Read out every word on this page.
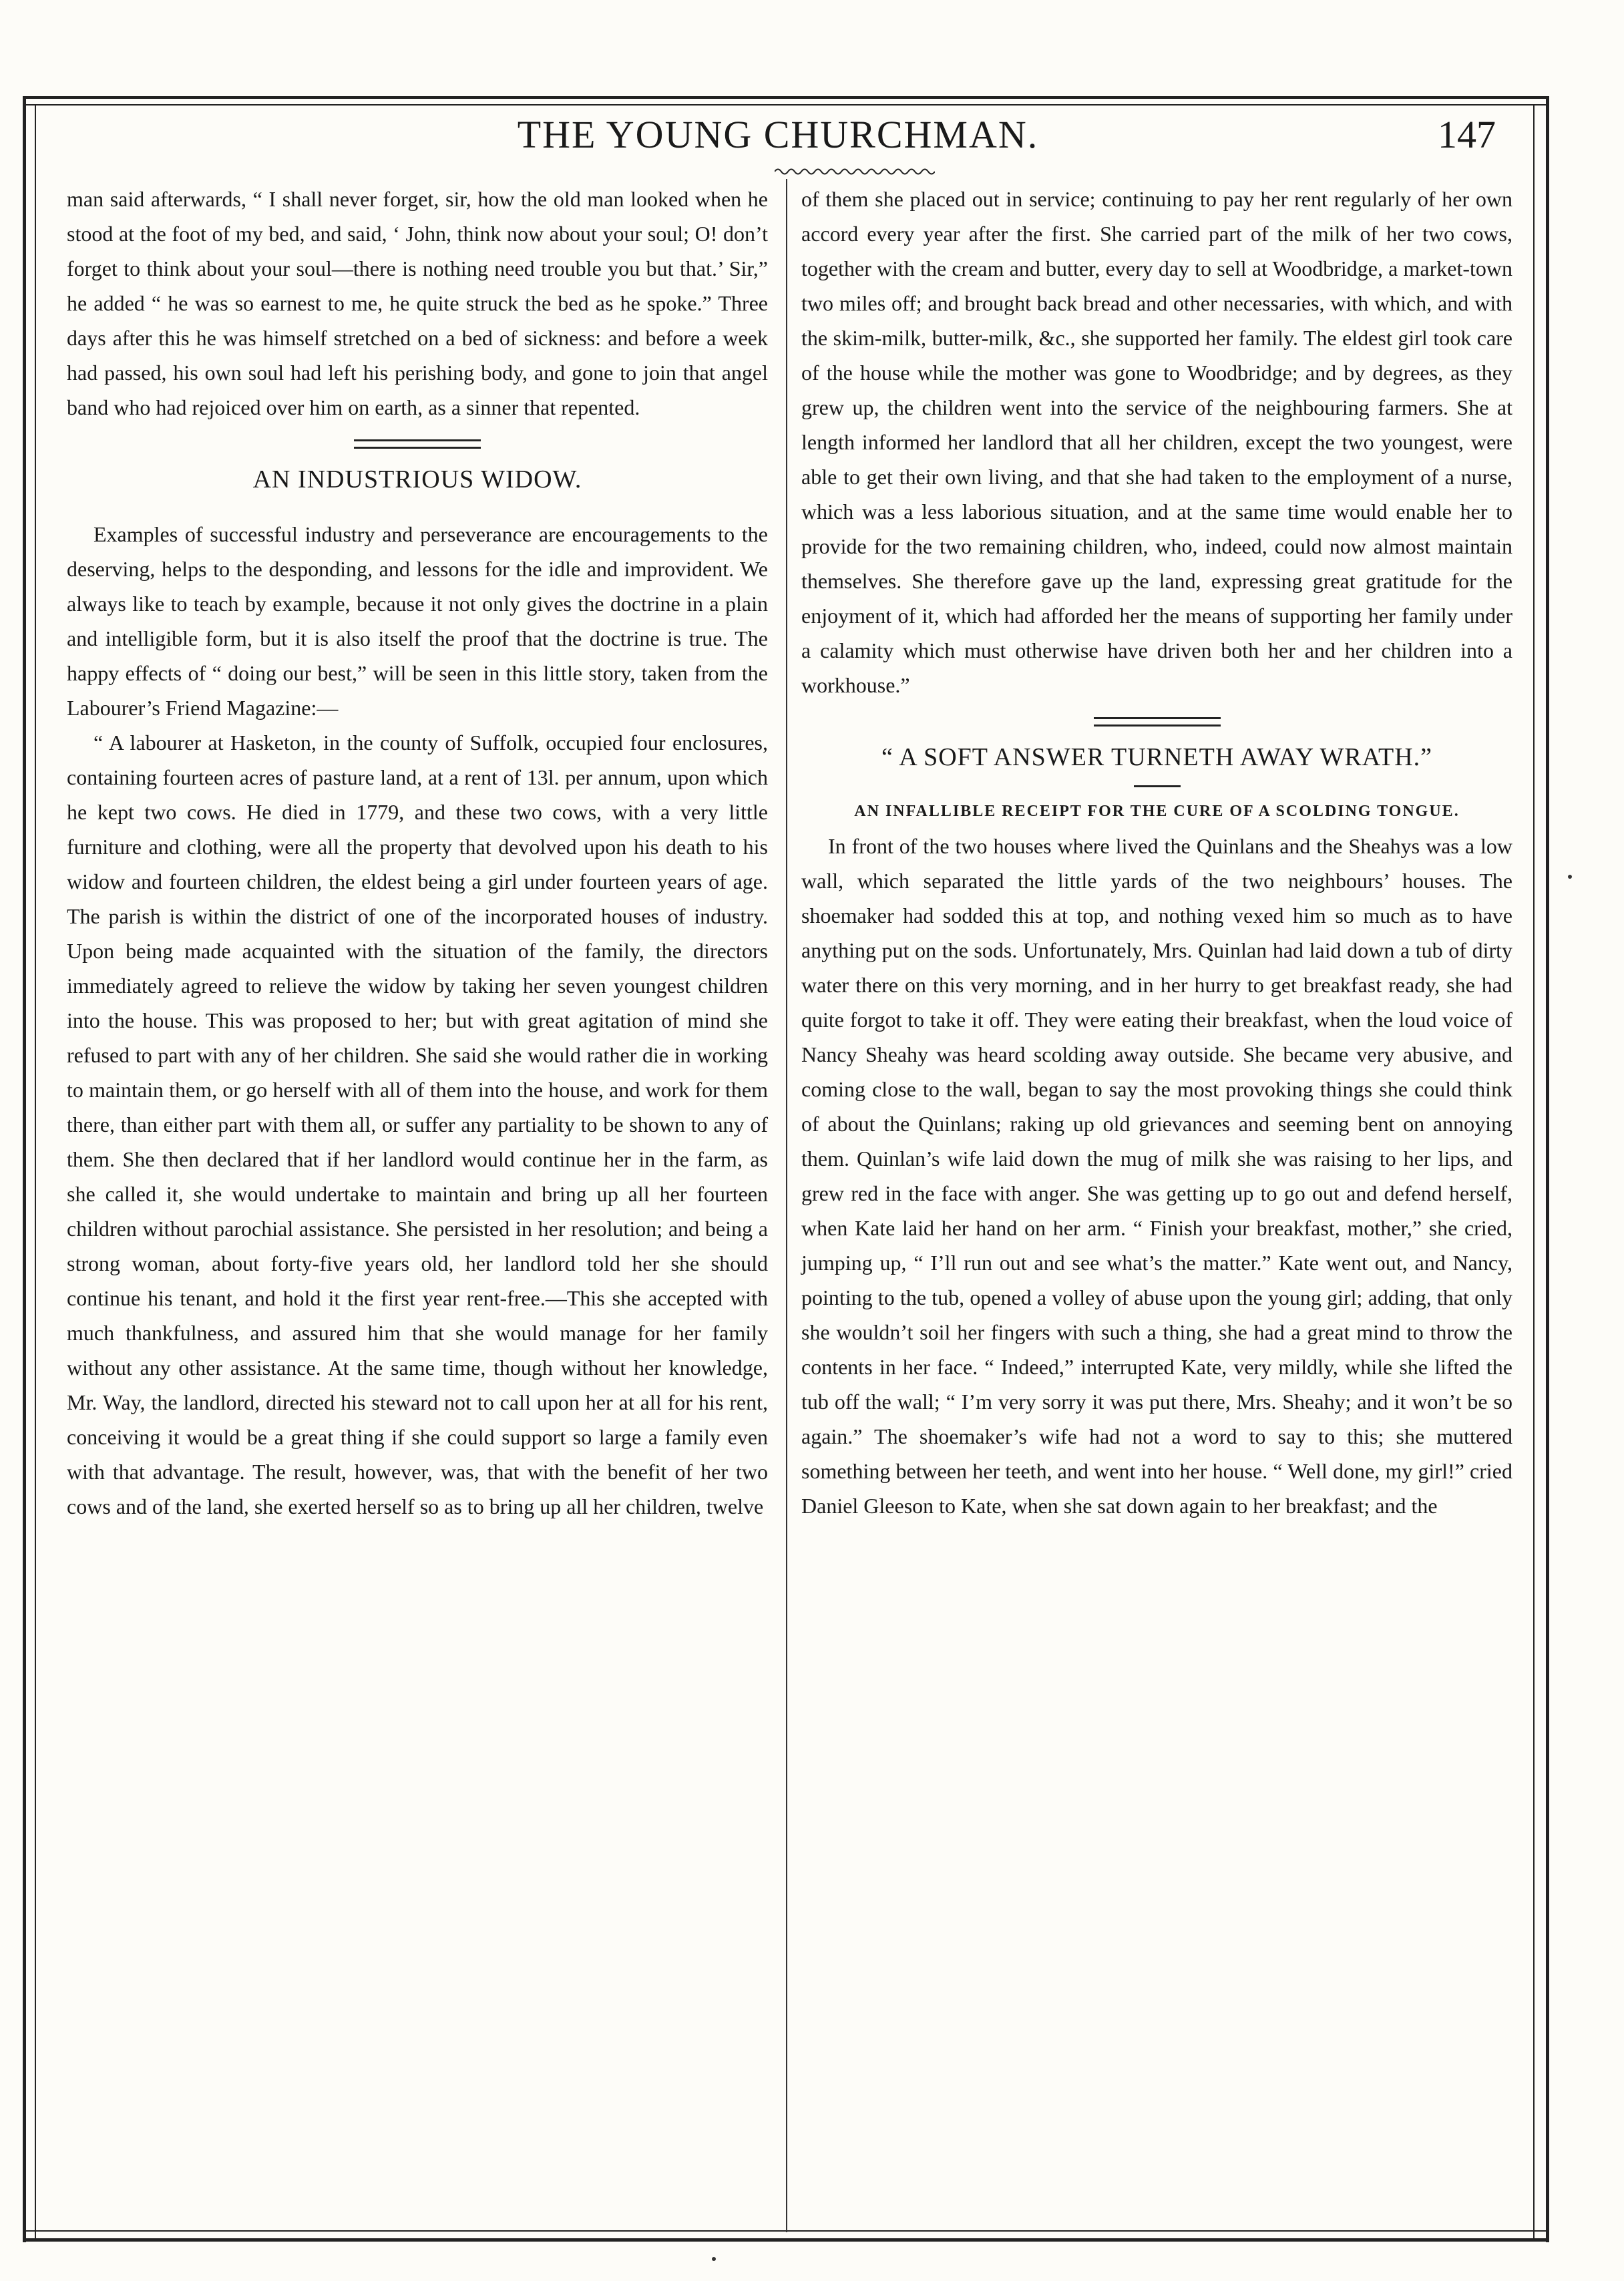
THE YOUNG CHURCHMAN.	147

man said afterwards, “ I shall never forget, sir, how the old man looked when he stood at the foot of my bed, and said, ‘ John, think now about your soul; O! don’t forget to think about your soul—there is nothing need trouble you but that.’ Sir,” he added “ he was so earnest to me, he quite struck the bed as he spoke.” Three days after this he was himself stretched on a bed of sickness: and before a week had passed, his own soul had left his perishing body, and gone to join that angel band who had rejoiced over him on earth, as a sinner that repented.

AN INDUSTRIOUS WIDOW.

Examples of successful industry and perseverance are encouragements to the deserving, helps to the desponding, and lessons for the idle and improvident. We always like to teach by example, because it not only gives the doctrine in a plain and intelligible form, but it is also itself the proof that the doctrine is true. The happy effects of “ doing our best,” will be seen in this little story, taken from the Labourer’s Friend Magazine:—

“ A labourer at Hasketon, in the county of Suffolk, occupied four enclosures, containing fourteen acres of pasture land, at a rent of 13l. per annum, upon which he kept two cows. He died in 1779, and these two cows, with a very little furniture and clothing, were all the property that devolved upon his death to his widow and fourteen children, the eldest being a girl under fourteen years of age. The parish is within the district of one of the incorporated houses of industry. Upon being made acquainted with the situation of the family, the directors immediately agreed to relieve the widow by taking her seven youngest children into the house. This was proposed to her; but with great agitation of mind she refused to part with any of her children. She said she would rather die in working to maintain them, or go herself with all of them into the house, and work for them there, than either part with them all, or suffer any partiality to be shown to any of them. She then declared that if her landlord would continue her in the farm, as she called it, she would undertake to maintain and bring up all her fourteen children without parochial assistance. She persisted in her resolution; and being a strong woman, about forty-five years old, her landlord told her she should continue his tenant, and hold it the first year rent-free.—This she accepted with much thankfulness, and assured him that she would manage for her family without any other assistance. At the same time, though without her knowledge, Mr. Way, the landlord, directed his steward not to call upon her at all for his rent, conceiving it would be a great thing if she could support so large a family even with that advantage. The result, however, was, that with the benefit of her two cows and of the land, she exerted herself so as to bring up all her children, twelve

of them she placed out in service; continuing to pay her rent regularly of her own accord every year after the first. She carried part of the milk of her two cows, together with the cream and butter, every day to sell at Woodbridge, a market-town two miles off; and brought back bread and other necessaries, with which, and with the skim-milk, butter-milk, &c., she supported her family. The eldest girl took care of the house while the mother was gone to Woodbridge; and by degrees, as they grew up, the children went into the service of the neighbouring farmers. She at length informed her landlord that all her children, except the two youngest, were able to get their own living, and that she had taken to the employment of a nurse, which was a less laborious situation, and at the same time would enable her to provide for the two remaining children, who, indeed, could now almost maintain themselves. She therefore gave up the land, expressing great gratitude for the enjoyment of it, which had afforded her the means of supporting her family under a calamity which must otherwise have driven both her and her children into a workhouse.”

“ A SOFT ANSWER TURNETH AWAY WRATH.”
AN INFALLIBLE RECEIPT FOR THE CURE OF A SCOLDING TONGUE.

In front of the two houses where lived the Quinlans and the Sheahys was a low wall, which separated the little yards of the two neighbours’ houses. The shoemaker had sodded this at top, and nothing vexed him so much as to have anything put on the sods. Unfortunately, Mrs. Quinlan had laid down a tub of dirty water there on this very morning, and in her hurry to get breakfast ready, she had quite forgot to take it off. They were eating their breakfast, when the loud voice of Nancy Sheahy was heard scolding away outside. She became very abusive, and coming close to the wall, began to say the most provoking things she could think of about the Quinlans; raking up old grievances and seeming bent on annoying them. Quinlan’s wife laid down the mug of milk she was raising to her lips, and grew red in the face with anger. She was getting up to go out and defend herself, when Kate laid her hand on her arm. “ Finish your breakfast, mother,” she cried, jumping up, “ I’ll run out and see what’s the matter.” Kate went out, and Nancy, pointing to the tub, opened a volley of abuse upon the young girl; adding, that only she wouldn’t soil her fingers with such a thing, she had a great mind to throw the contents in her face. “ Indeed,” interrupted Kate, very mildly, while she lifted the tub off the wall; “ I’m very sorry it was put there, Mrs. Sheahy; and it won’t be so again.” The shoemaker’s wife had not a word to say to this; she muttered something between her teeth, and went into her house. “ Well done, my girl!” cried Daniel Gleeson to Kate, when she sat down again to her breakfast; and the
